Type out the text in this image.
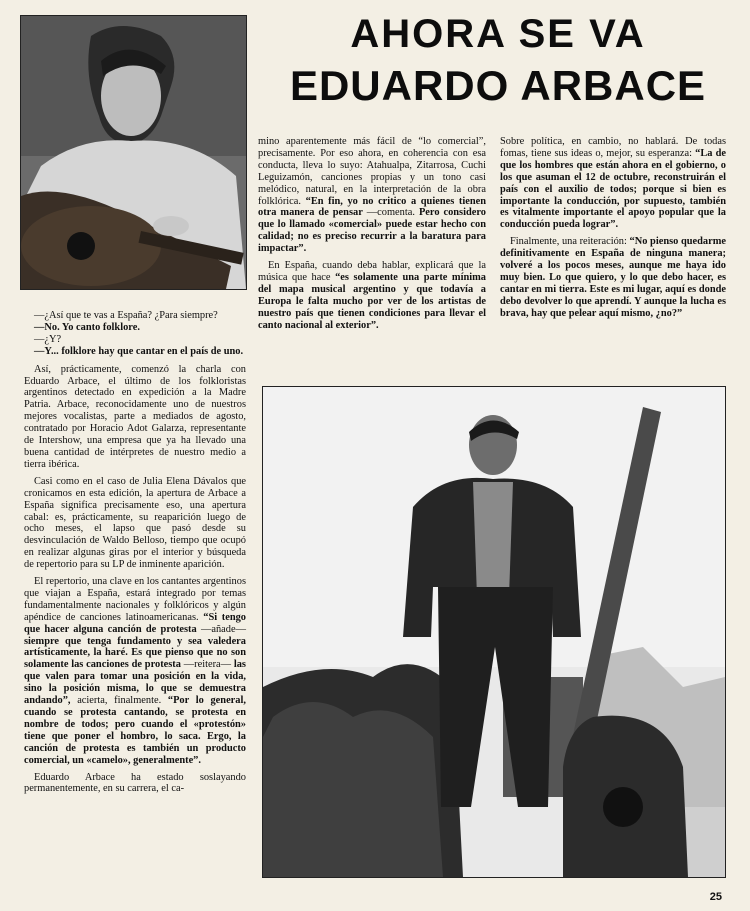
AHORA SE VA
EDUARDO ARBACE
—¿Así que te vas a España? ¿Para siempre?
—No. Yo canto folklore.
—¿Y?
—Y... folklore hay que cantar en el país de uno.

Así, prácticamente, comenzó la charla con Eduardo Arbace, el último de los folkloristas argentinos detectado en expedición a la Madre Patria. Arbace, reconocidamente uno de nuestros mejores vocalistas, parte a mediados de agosto, contratado por Horacio Adot Galarza, representante de Intershow, una empresa que ya ha llevado una buena cantidad de intérpretes de nuestro medio a tierra ibérica.

Casi como en el caso de Julia Elena Dávalos que cronicamos en esta edición, la apertura de Arbace a España significa precisamente eso, una apertura cabal: es, prácticamente, su reaparición luego de ocho meses, el lapso que pasó desde su desvinculación de Waldo Belloso, tiempo que ocupó en realizar algunas giras por el interior y búsqueda de repertorio para su LP de inminente aparición.

El repertorio, una clave en los cantantes argentinos que viajan a España, estará integrado por temas fundamentalmente nacionales y folklóricos y algún apéndice de canciones latinoamericanas. “Si tengo que hacer alguna canción de protesta —añade— siempre que tenga fundamento y sea valedera artísticamente, la haré. Es que pienso que no son solamente las canciones de protesta —reitera— las que valen para tomar una posición en la vida, sino la posición misma, lo que se demuestra andando”, acierta, finalmente. “Por lo general, cuando se protesta cantando, se protesta en nombre de todos; pero cuando el «protestón» tiene que poner el hombro, lo saca. Ergo, la canción de protesta es también un producto comercial, un «camelo», generalmente”.

Eduardo Arbace ha estado soslayando permanentemente, en su carrera, el ca-

mino aparentemente más fácil de “lo comercial”, precisamente. Por eso ahora, en coherencia con esa conducta, lleva lo suyo: Atahualpa, Zitarrosa, Cuchi Leguizamón, canciones propias y un tono casi melódico, natural, en la interpretación de la obra folklórica. “En fin, yo no critico a quienes tienen otra manera de pensar —comenta. Pero considero que lo llamado «comercial» puede estar hecho con calidad; no es preciso recurrir a la baratura para impactar”.

En España, cuando deba hablar, explicará que la música que hace “es solamente una parte mínima del mapa musical argentino y que todavía a Europa le falta mucho por ver de los artistas de nuestro país que tienen condiciones para llevar el canto nacional al exterior”.

Sobre política, en cambio, no hablará. De todas fomas, tiene sus ideas o, mejor, su esperanza: “La de que los hombres que están ahora en el gobierno, o los que asuman el 12 de octubre, reconstruirán el país con el auxilio de todos; porque si bien es importante la conducción, por supuesto, también es vitalmente importante el apoyo popular que la conducción pueda lograr”.

Finalmente, una reiteración: “No pienso quedarme definitivamente en España de ninguna manera; volveré a los pocos meses, aunque me haya ido muy bien. Lo que quiero, y lo que debo hacer, es cantar en mi tierra. Este es mi lugar, aquí es donde debo devolver lo que aprendí. Y aunque la lucha es brava, hay que pelear aquí mismo, ¿no?”

25
